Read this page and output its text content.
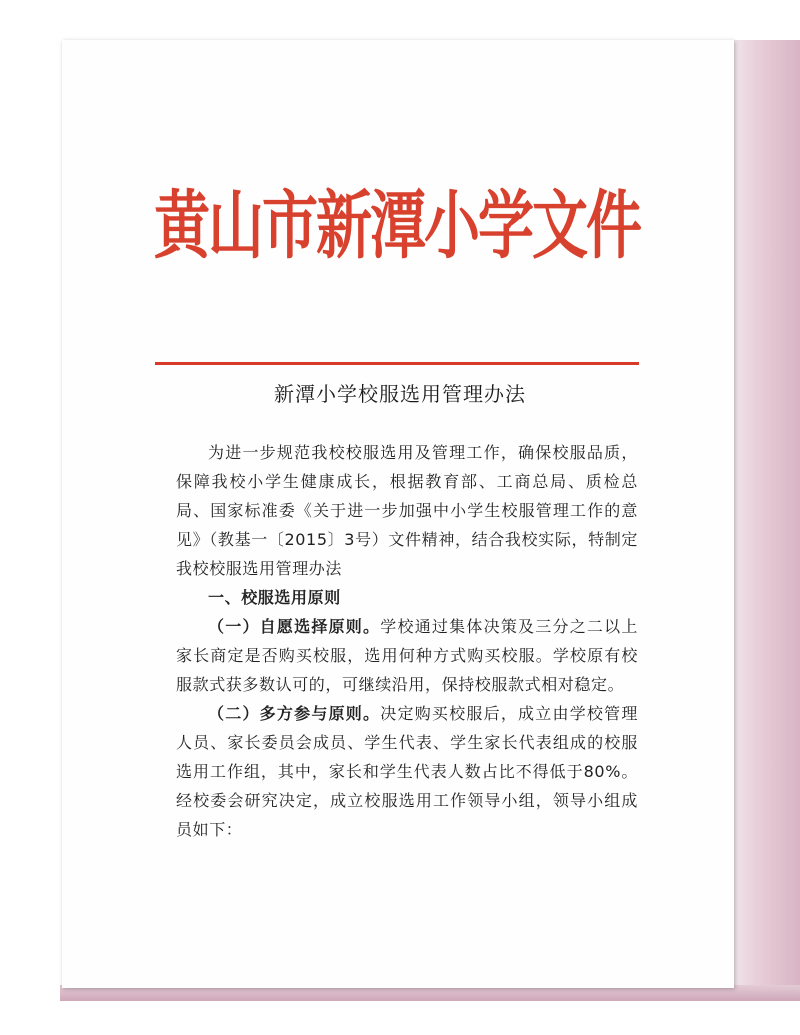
黄山市新潭小学文件
新潭小学校服选用管理办法

为进一步规范我校校服选用及管理工作，确保校服品质，保障我校小学生健康成长，根据教育部、工商总局、质检总局、国家标准委《关于进一步加强中小学生校服管理工作的意见》（教基一〔2015〕3号）文件精神，结合我校实际，特制定我校校服选用管理办法

一、校服选用原则

（一）自愿选择原则。学校通过集体决策及三分之二以上家长商定是否购买校服，选用何种方式购买校服。学校原有校服款式获多数认可的，可继续沿用，保持校服款式相对稳定。

（二）多方参与原则。决定购买校服后，成立由学校管理人员、家长委员会成员、学生代表、学生家长代表组成的校服选用工作组，其中，家长和学生代表人数占比不得低于80%。经校委会研究决定，成立校服选用工作领导小组，领导小组成员如下：
